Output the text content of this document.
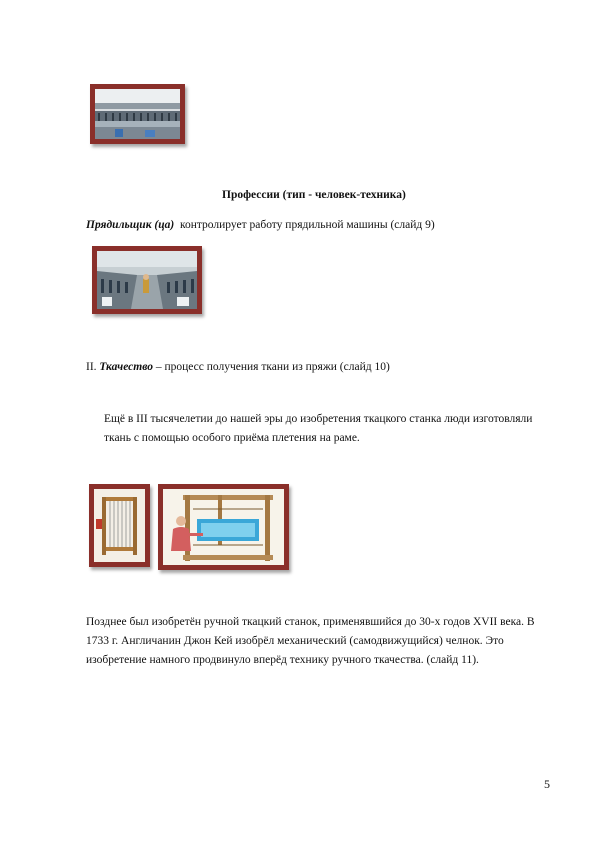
Профессии (тип - человек-техника)
Прядильщик (ца) контролирует работу прядильной машины (слайд 9)
II. Ткачество – процесс получения ткани из пряжи (слайд 10)
Ещё в III тысячелетии до нашей эры до изобретения ткацкого станка люди изготовляли ткань с помощью особого приёма плетения на раме.
Позднее был изобретён ручной ткацкий станок, применявшийся до 30-х годов XVII века. В 1733 г. Англичанин Джон Кей изобрёл механический (самодвижущийся) челнок. Это изобретение намного продвинуло вперёд технику ручного ткачества. (слайд 11).
5
